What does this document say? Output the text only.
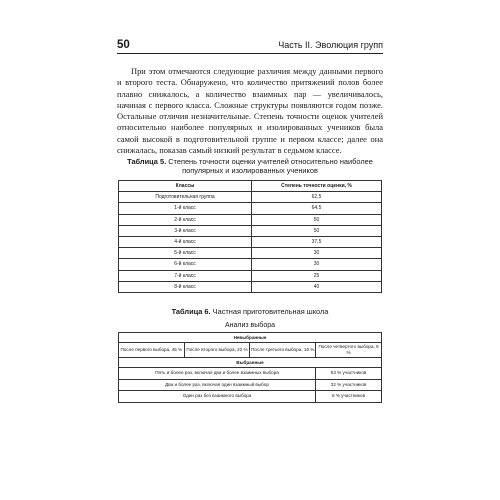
50	Часть II. Эволюция групп

При этом отмечаются следующие различия между данными первого и второго теста. Обнаружено, что количество притяжений полов более плавно снижалось, а количество взаимных пар — увеличивалось, начиная с первого класса. Сложные структуры появляются годом позже. Остальные отличия незначительные. Степень точности оценок учителей относительно наиболее популярных и изолированных учеников была самой высокой в подготовительной группе и первом классе; далее она снижалась, показав самый низкий результат в седьмом классе.

Таблица 5. Степень точности оценки учителей относительно наиболее популярных и изолированных учеников
Классы	Степень точности оценки, %
Подготовительная группа	62,5
1-й класс	64,5
2-й класс	50
3-й класс	50
4-й класс	37,5
5-й класс	30
6-й класс	30
7-й класс	25
8-й класс	40
Таблица 6. Частная приготовительная школа
Анализ выбора
Невыбранные			
После первого выбора, 45 %	После второго выбора, 22 %	После третьего выбора, 16 %	После четвертого выбора, 9 %
Выбранные			
Пять и более раз, включая два и более взаимных выбора			53 % участников
Два и более раз, включая один взаимный выбор			32 % участников
Один раз без взаимного выбора			6 % участников
